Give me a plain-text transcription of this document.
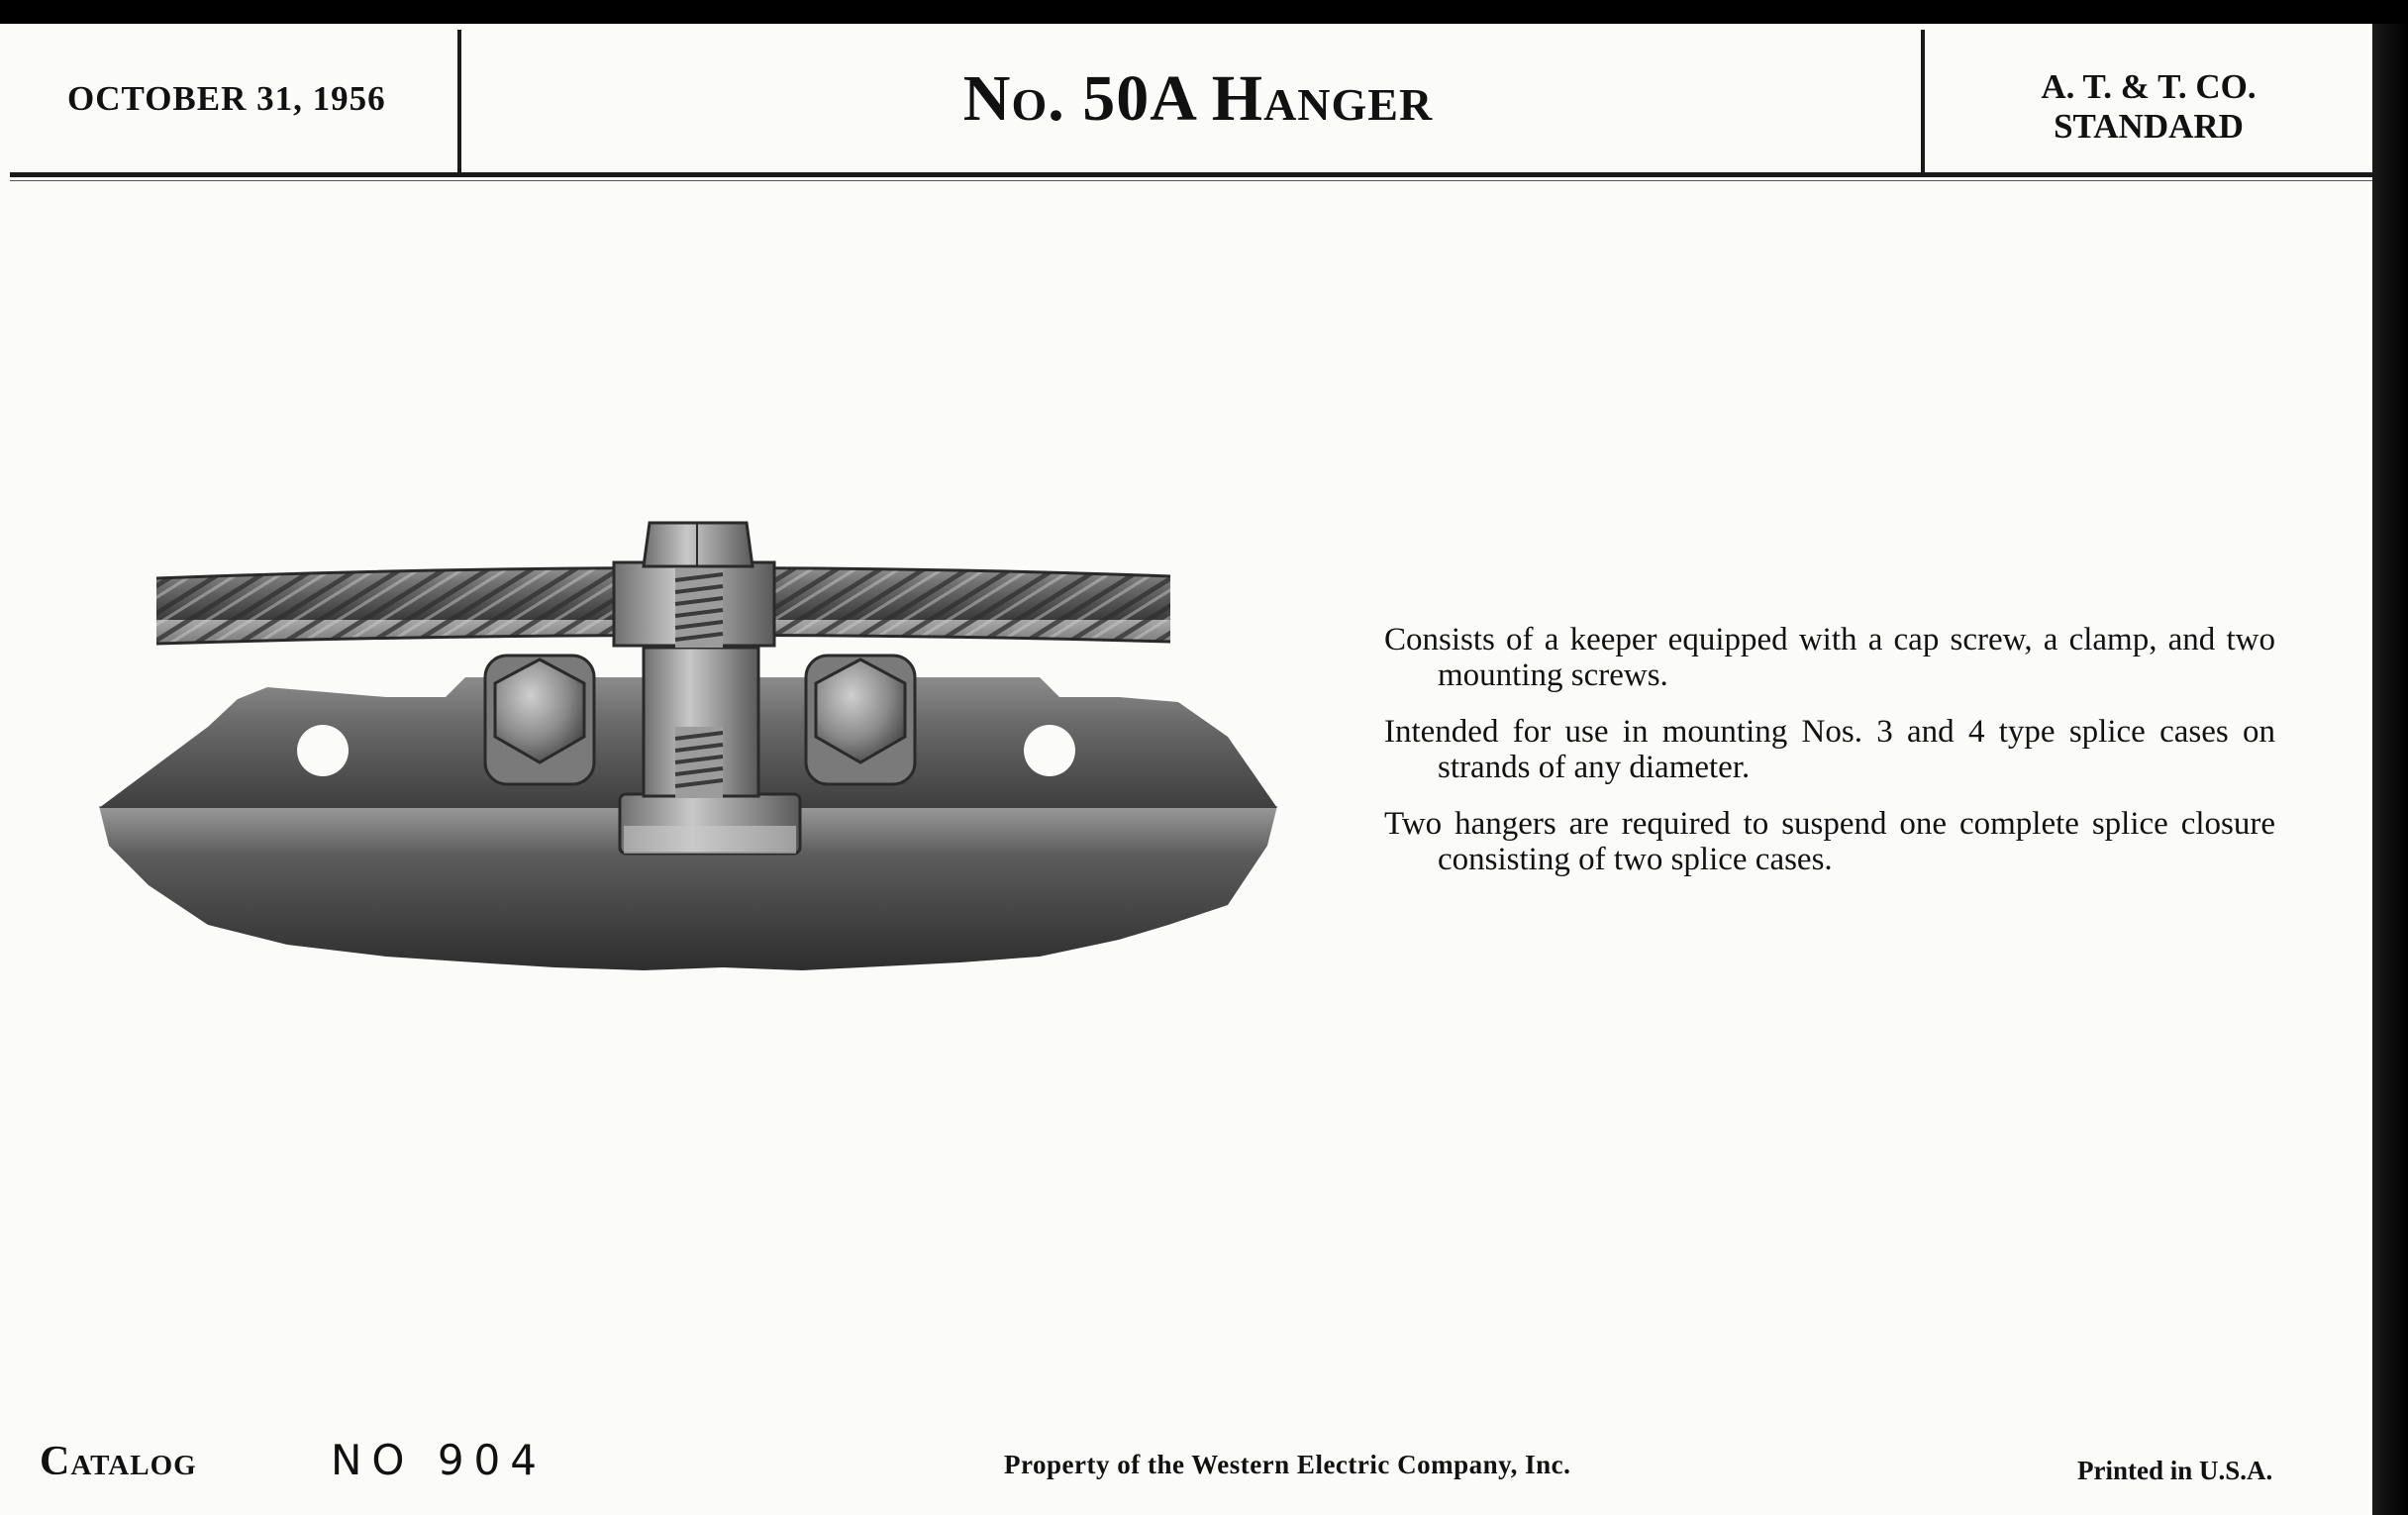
OCTOBER 31, 1956	No. 50A Hanger	A. T. & T. CO.
STANDARD

Consists of a keeper equipped with a cap screw, a clamp, and two mounting screws.

Intended for use in mounting Nos. 3 and 4 type splice cases on strands of any diameter.

Two hangers are required to suspend one complete splice closure consisting of two splice cases.

Catalog	NO 904	Property of the Western Electric Company, Inc.	Printed in U.S.A.
